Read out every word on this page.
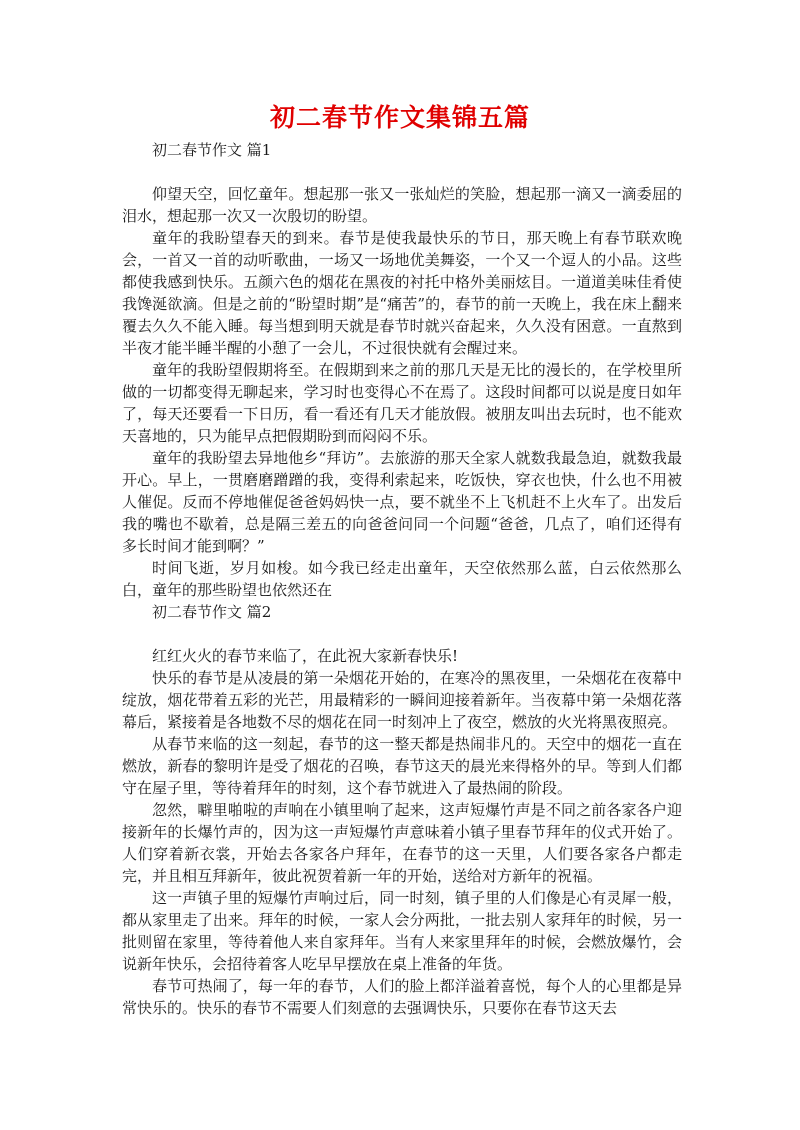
初二春节作文集锦五篇

初二春节作文 篇1

仰望天空，回忆童年。想起那一张又一张灿烂的笑脸，想起那一滴又一滴委屈的泪水，想起那一次又一次殷切的盼望。

童年的我盼望春天的到来。春节是使我最快乐的节日，那天晚上有春节联欢晚会，一首又一首的动听歌曲，一场又一场地优美舞姿，一个又一个逗人的小品。这些都使我感到快乐。五颜六色的烟花在黑夜的衬托中格外美丽炫目。一道道美味佳肴使我馋涎欲滴。但是之前的“盼望时期”是“痛苦”的，春节的前一天晚上，我在床上翻来覆去久久不能入睡。每当想到明天就是春节时就兴奋起来，久久没有困意。一直熬到半夜才能半睡半醒的小憩了一会儿，不过很快就有会醒过来。

童年的我盼望假期将至。在假期到来之前的那几天是无比的漫长的，在学校里所做的一切都变得无聊起来，学习时也变得心不在焉了。这段时间都可以说是度日如年了，每天还要看一下日历，看一看还有几天才能放假。被朋友叫出去玩时，也不能欢天喜地的，只为能早点把假期盼到而闷闷不乐。

童年的我盼望去异地他乡“拜访”。去旅游的那天全家人就数我最急迫，就数我最开心。早上，一贯磨磨蹭蹭的我，变得利索起来，吃饭快，穿衣也快，什么也不用被人催促。反而不停地催促爸爸妈妈快一点，要不就坐不上飞机赶不上火车了。出发后我的嘴也不歇着，总是隔三差五的向爸爸问同一个问题“爸爸，几点了，咱们还得有多长时间才能到啊？”

时间飞逝，岁月如梭。如今我已经走出童年，天空依然那么蓝，白云依然那么白，童年的那些盼望也依然还在

初二春节作文 篇2

红红火火的春节来临了，在此祝大家新春快乐!

快乐的春节是从凌晨的第一朵烟花开始的，在寒冷的黑夜里，一朵烟花在夜幕中绽放，烟花带着五彩的光芒，用最精彩的一瞬间迎接着新年。当夜幕中第一朵烟花落幕后，紧接着是各地数不尽的烟花在同一时刻冲上了夜空，燃放的火光将黑夜照亮。

从春节来临的这一刻起，春节的这一整天都是热闹非凡的。天空中的烟花一直在燃放，新春的黎明许是受了烟花的召唤，春节这天的晨光来得格外的早。等到人们都守在屋子里，等待着拜年的时刻，这个春节就进入了最热闹的阶段。

忽然，噼里啪啦的声响在小镇里响了起来，这声短爆竹声是不同之前各家各户迎接新年的长爆竹声的，因为这一声短爆竹声意味着小镇子里春节拜年的仪式开始了。人们穿着新衣裳，开始去各家各户拜年，在春节的这一天里，人们要各家各户都走完，并且相互拜新年，彼此祝贺着新一年的开始，送给对方新年的祝福。

这一声镇子里的短爆竹声响过后，同一时刻，镇子里的人们像是心有灵犀一般，都从家里走了出来。拜年的时候，一家人会分两批，一批去别人家拜年的时候，另一批则留在家里，等待着他人来自家拜年。当有人来家里拜年的时候，会燃放爆竹，会说新年快乐，会招待着客人吃早早摆放在桌上准备的年货。

春节可热闹了，每一年的春节，人们的脸上都洋溢着喜悦，每个人的心里都是异常快乐的。快乐的春节不需要人们刻意的去强调快乐，只要你在春节这天去
